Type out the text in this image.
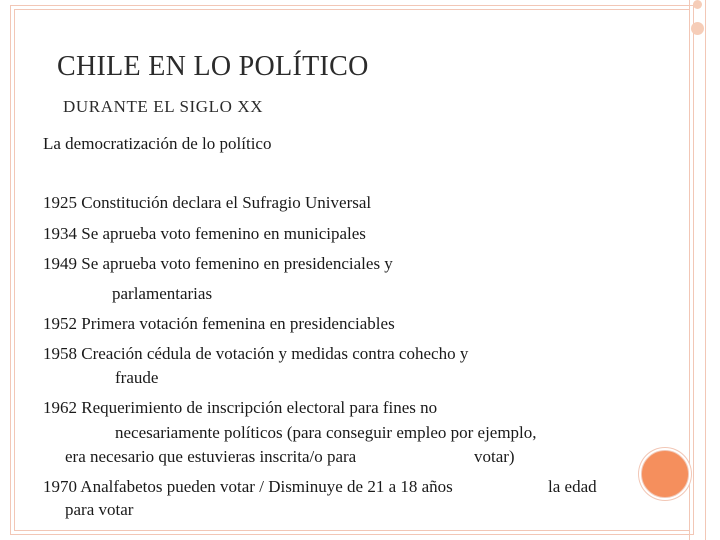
CHILE EN LO POLÍTICO
DURANTE EL SIGLO XX
La democratización de lo político
1925 Constitución declara el Sufragio Universal
1934 Se aprueba voto femenino en municipales
1949 Se aprueba voto femenino en presidenciales y
parlamentarias
1952 Primera votación femenina en presidenciables
1958 Creación cédula de votación y medidas contra cohecho y
fraude
1962 Requerimiento de inscripción electoral para fines no
necesariamente políticos (para conseguir empleo por ejemplo,
era necesario que estuvieras inscrita/o para	votar)
1970 Analfabetos pueden votar / Disminuye de 21 a 18 años	la edad
para votar
